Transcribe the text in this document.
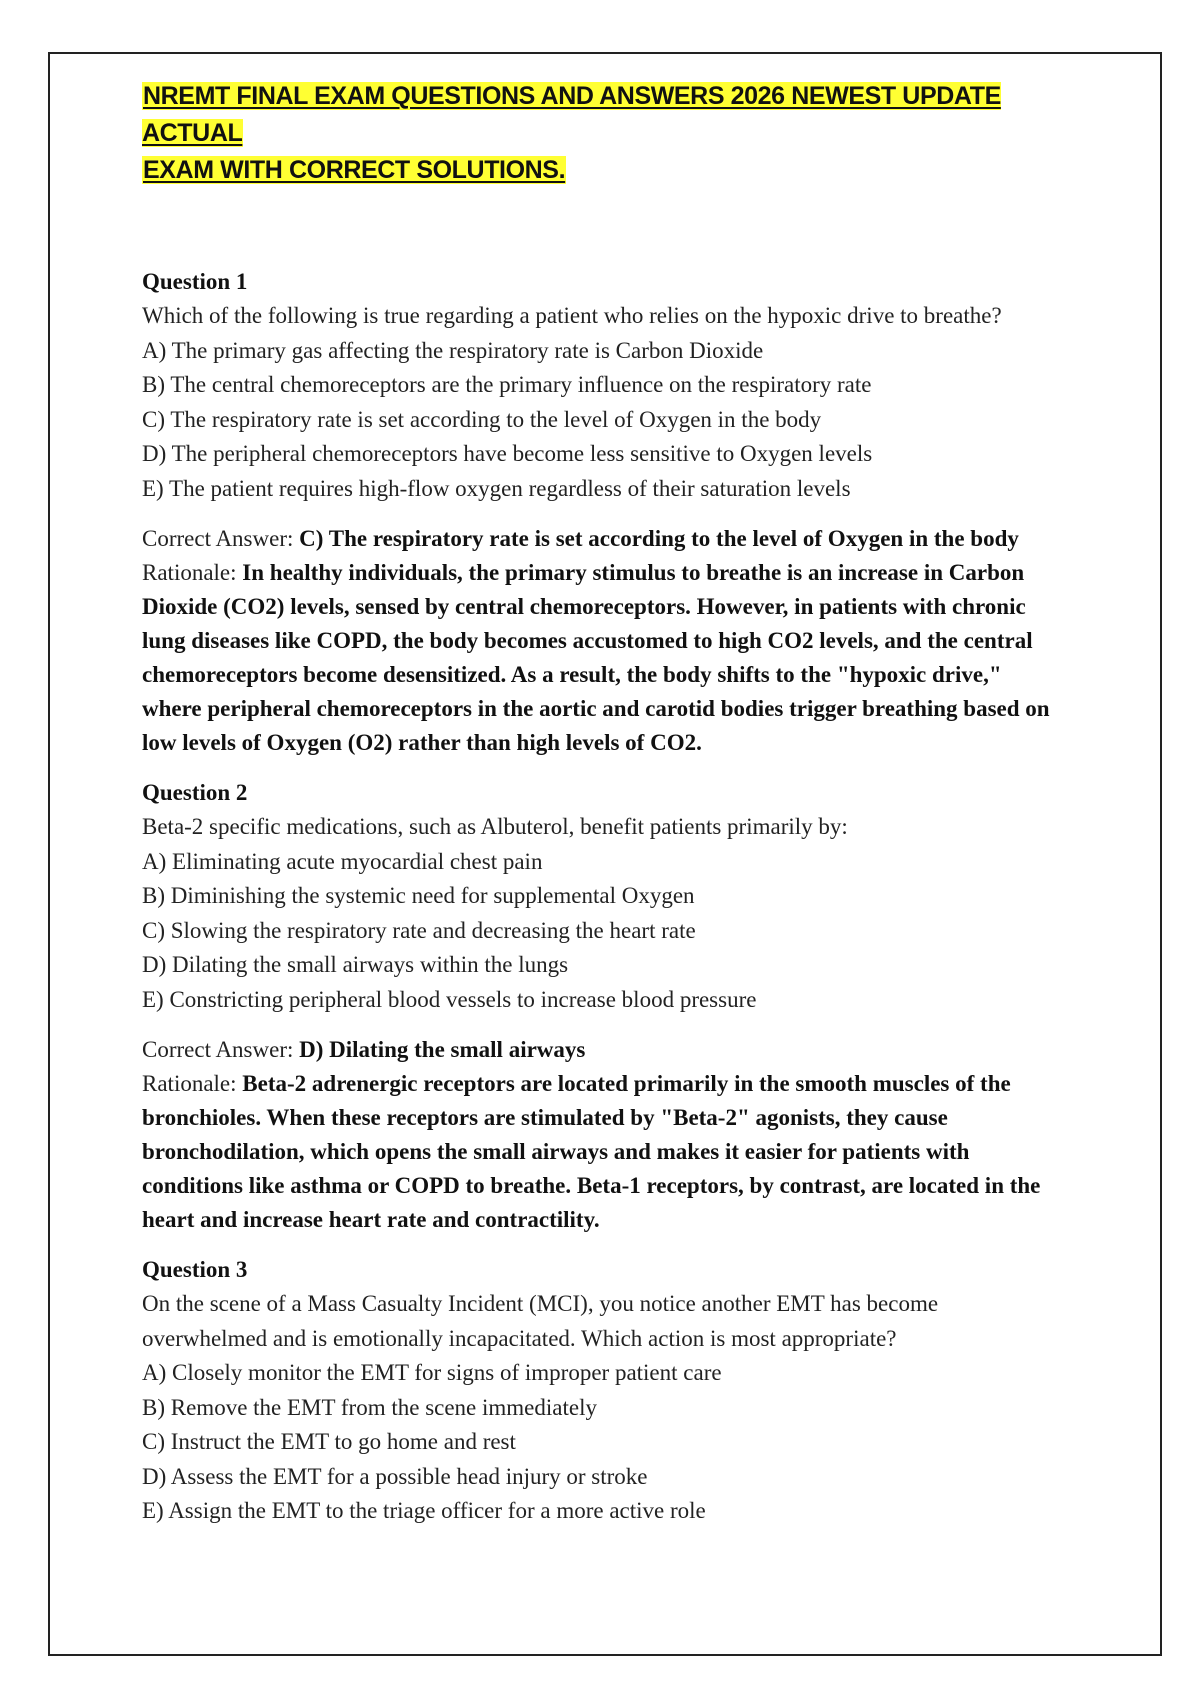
NREMT FINAL EXAM QUESTIONS AND ANSWERS 2026 NEWEST UPDATE ACTUAL
EXAM WITH CORRECT SOLUTIONS.

Question 1

Which of the following is true regarding a patient who relies on the hypoxic drive to breathe?

A) The primary gas affecting the respiratory rate is Carbon Dioxide

B) The central chemoreceptors are the primary influence on the respiratory rate

C) The respiratory rate is set according to the level of Oxygen in the body

D) The peripheral chemoreceptors have become less sensitive to Oxygen levels

E) The patient requires high-flow oxygen regardless of their saturation levels

Correct Answer: C) The respiratory rate is set according to the level of Oxygen in the body

Rationale: In healthy individuals, the primary stimulus to breathe is an increase in Carbon Dioxide (CO2) levels, sensed by central chemoreceptors. However, in patients with chronic lung diseases like COPD, the body becomes accustomed to high CO2 levels, and the central chemoreceptors become desensitized. As a result, the body shifts to the "hypoxic drive," where peripheral chemoreceptors in the aortic and carotid bodies trigger breathing based on low levels of Oxygen (O2) rather than high levels of CO2.

Question 2

Beta-2 specific medications, such as Albuterol, benefit patients primarily by:

A) Eliminating acute myocardial chest pain

B) Diminishing the systemic need for supplemental Oxygen

C) Slowing the respiratory rate and decreasing the heart rate

D) Dilating the small airways within the lungs

E) Constricting peripheral blood vessels to increase blood pressure

Correct Answer: D) Dilating the small airways

Rationale: Beta-2 adrenergic receptors are located primarily in the smooth muscles of the bronchioles. When these receptors are stimulated by "Beta-2" agonists, they cause bronchodilation, which opens the small airways and makes it easier for patients with conditions like asthma or COPD to breathe. Beta-1 receptors, by contrast, are located in the heart and increase heart rate and contractility.

Question 3

On the scene of a Mass Casualty Incident (MCI), you notice another EMT has become overwhelmed and is emotionally incapacitated. Which action is most appropriate?

A) Closely monitor the EMT for signs of improper patient care

B) Remove the EMT from the scene immediately

C) Instruct the EMT to go home and rest

D) Assess the EMT for a possible head injury or stroke

E) Assign the EMT to the triage officer for a more active role
